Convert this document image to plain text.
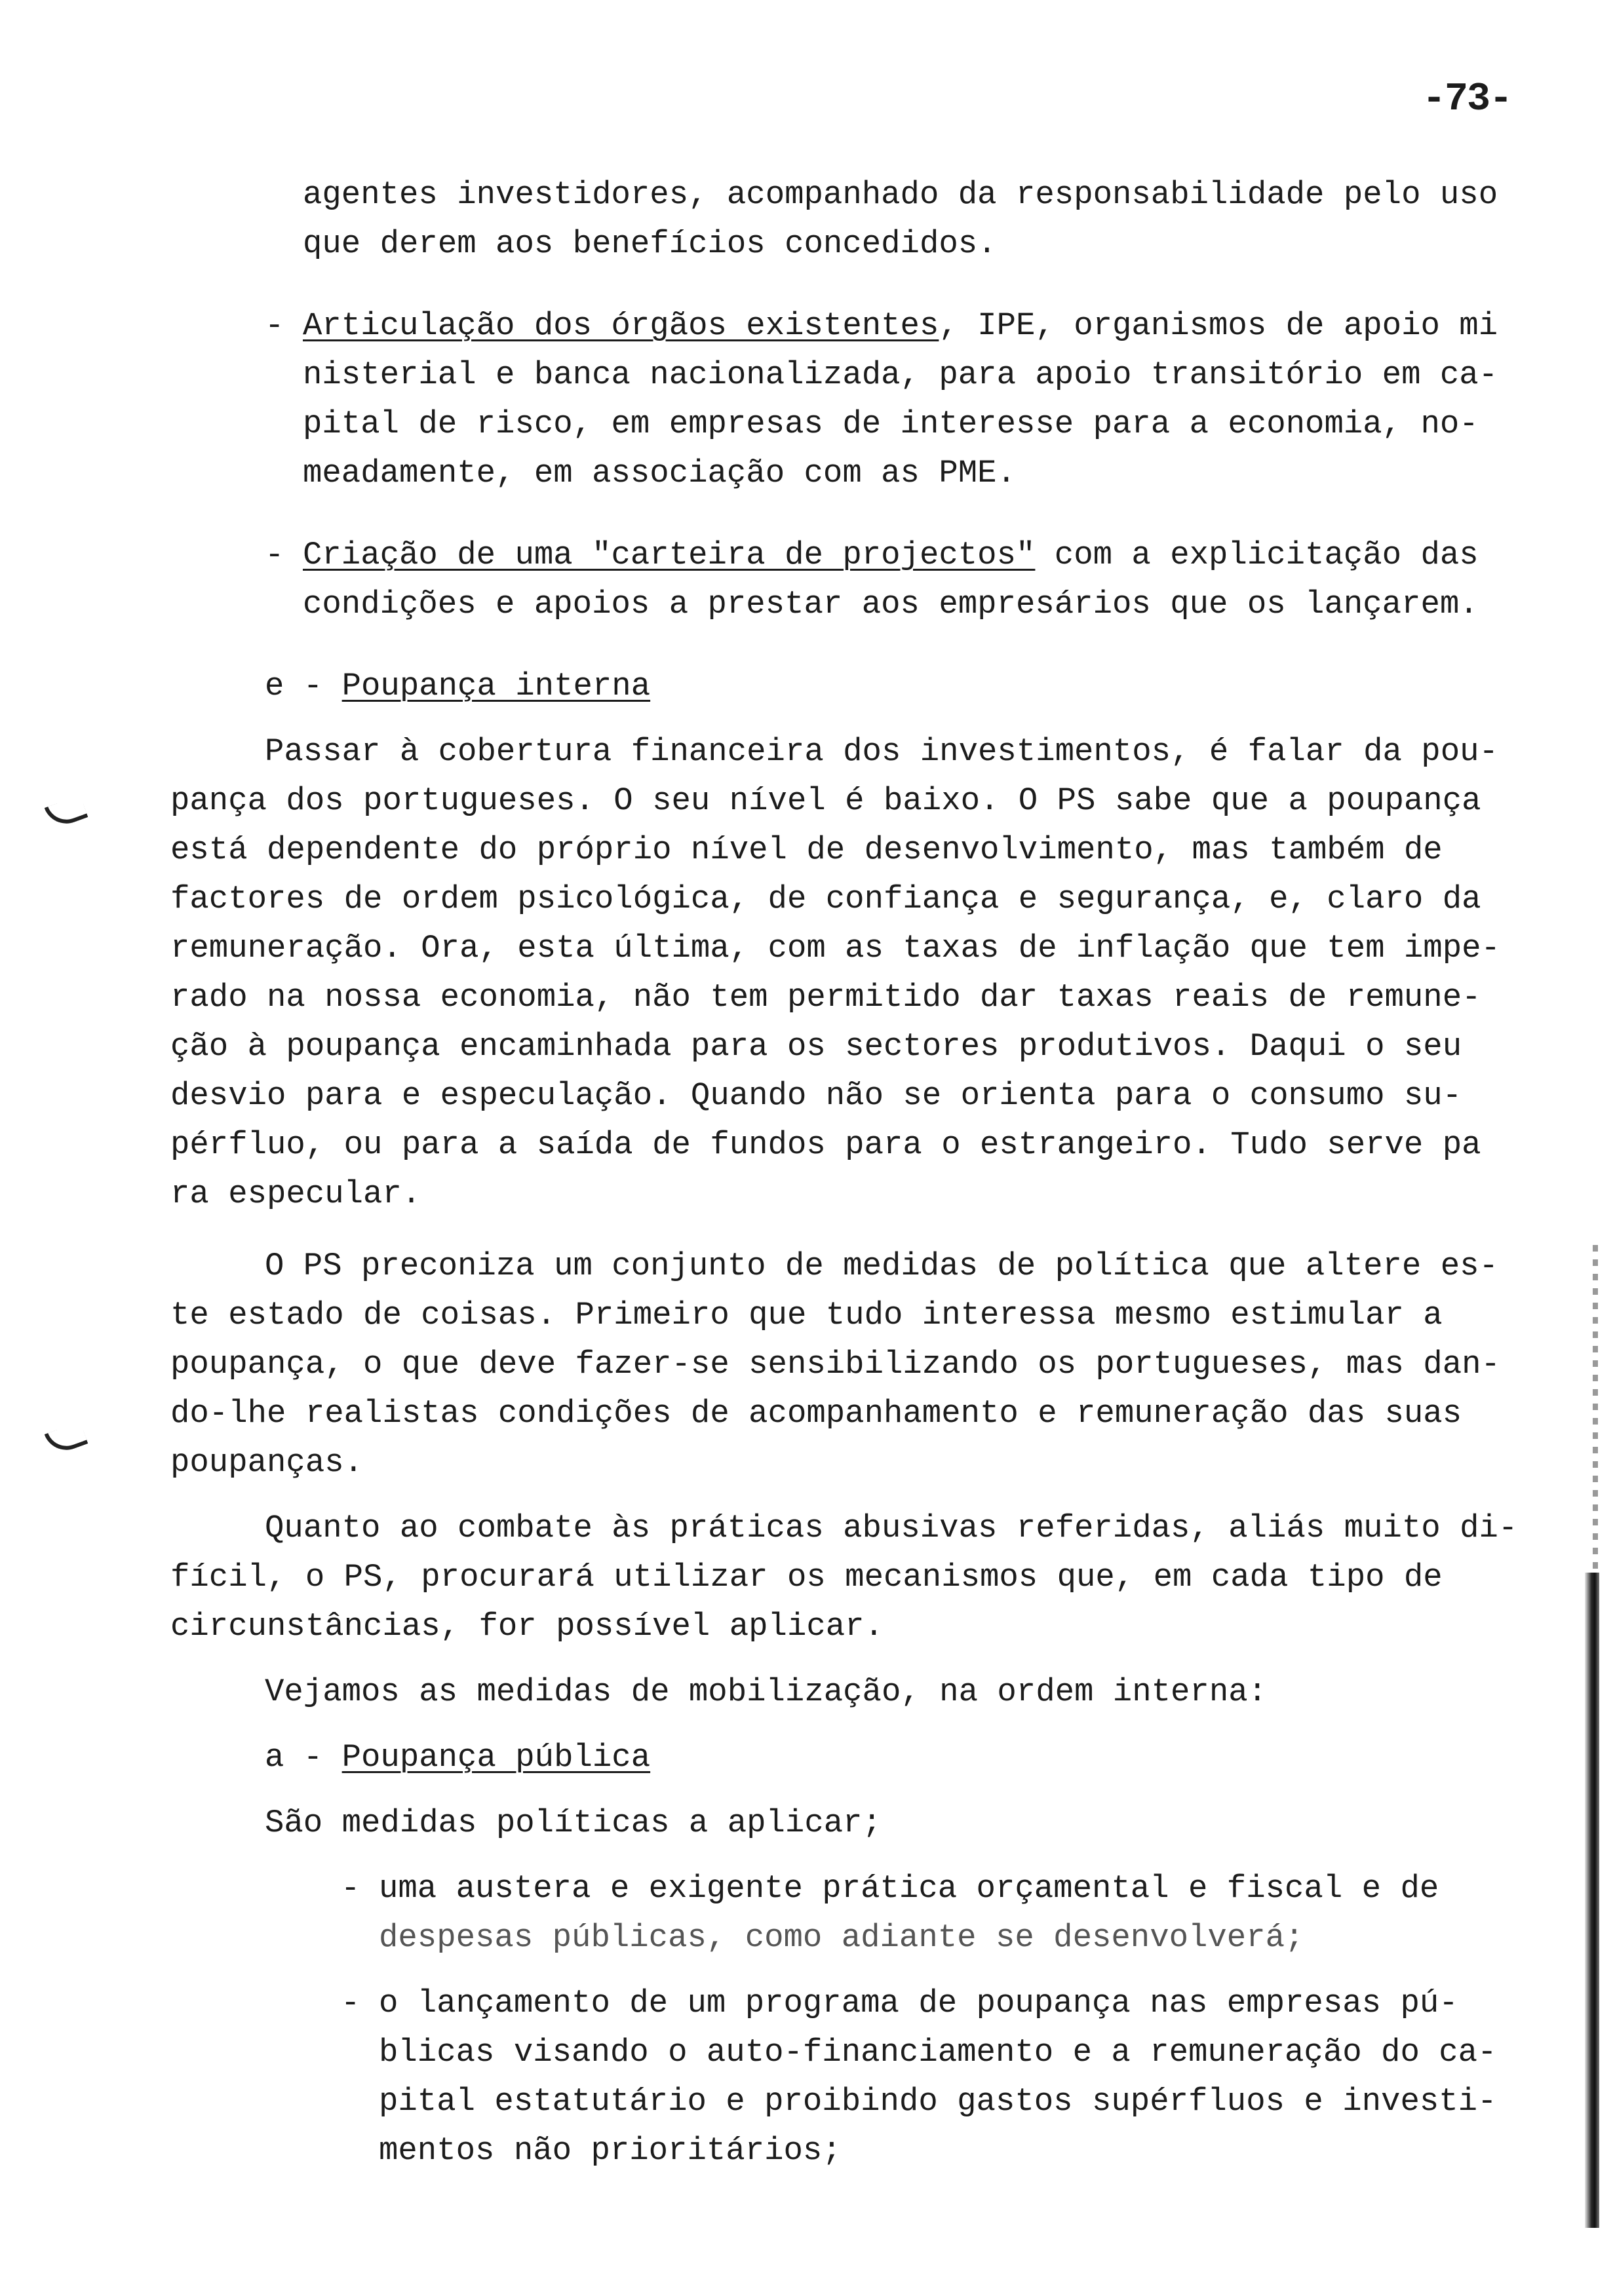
-73-
agentes investidores, acompanhado da responsabilidade pelo uso
que derem aos benefícios concedidos.
- Articulação dos órgãos existentes, IPE, organismos de apoio mi
nisterial e banca nacionalizada, para apoio transitório em ca-
pital de risco, em empresas de interesse para a economia, no-
meadamente, em associação com as PME.
- Criação de uma "carteira de projectos" com a explicitação das
condições e apoios a prestar aos empresários que os lançarem.
e - Poupança interna
Passar à cobertura financeira dos investimentos, é falar da pou-
pança dos portugueses. O seu nível é baixo. O PS sabe que a poupança
está dependente do próprio nível de desenvolvimento, mas também de
factores de ordem psicológica, de confiança e segurança, e, claro da
remuneração. Ora, esta última, com as taxas de inflação que tem impe-
rado na nossa economia, não tem permitido dar taxas reais de remune-
ção à poupança encaminhada para os sectores produtivos. Daqui o seu
desvio para e especulação. Quando não se orienta para o consumo su-
pérfluo, ou para a saída de fundos para o estrangeiro. Tudo serve pa
ra especular.
O PS preconiza um conjunto de medidas de política que altere es-
te estado de coisas. Primeiro que tudo interessa mesmo estimular a
poupança, o que deve fazer-se sensibilizando os portugueses, mas dan-
do-lhe realistas condições de acompanhamento e remuneração das suas
poupanças.
Quanto ao combate às práticas abusivas referidas, aliás muito di-
fícil, o PS, procurará utilizar os mecanismos que, em cada tipo de
circunstâncias, for possível aplicar.
Vejamos as medidas de mobilização, na ordem interna:
a - Poupança pública
São medidas políticas a aplicar;
- uma austera e exigente prática orçamental e fiscal e de
despesas públicas, como adiante se desenvolverá;
- o lançamento de um programa de poupança nas empresas pú-
blicas visando o auto-financiamento e a remuneração do ca-
pital estatutário e proibindo gastos supérfluos e investi-
mentos não prioritários;
